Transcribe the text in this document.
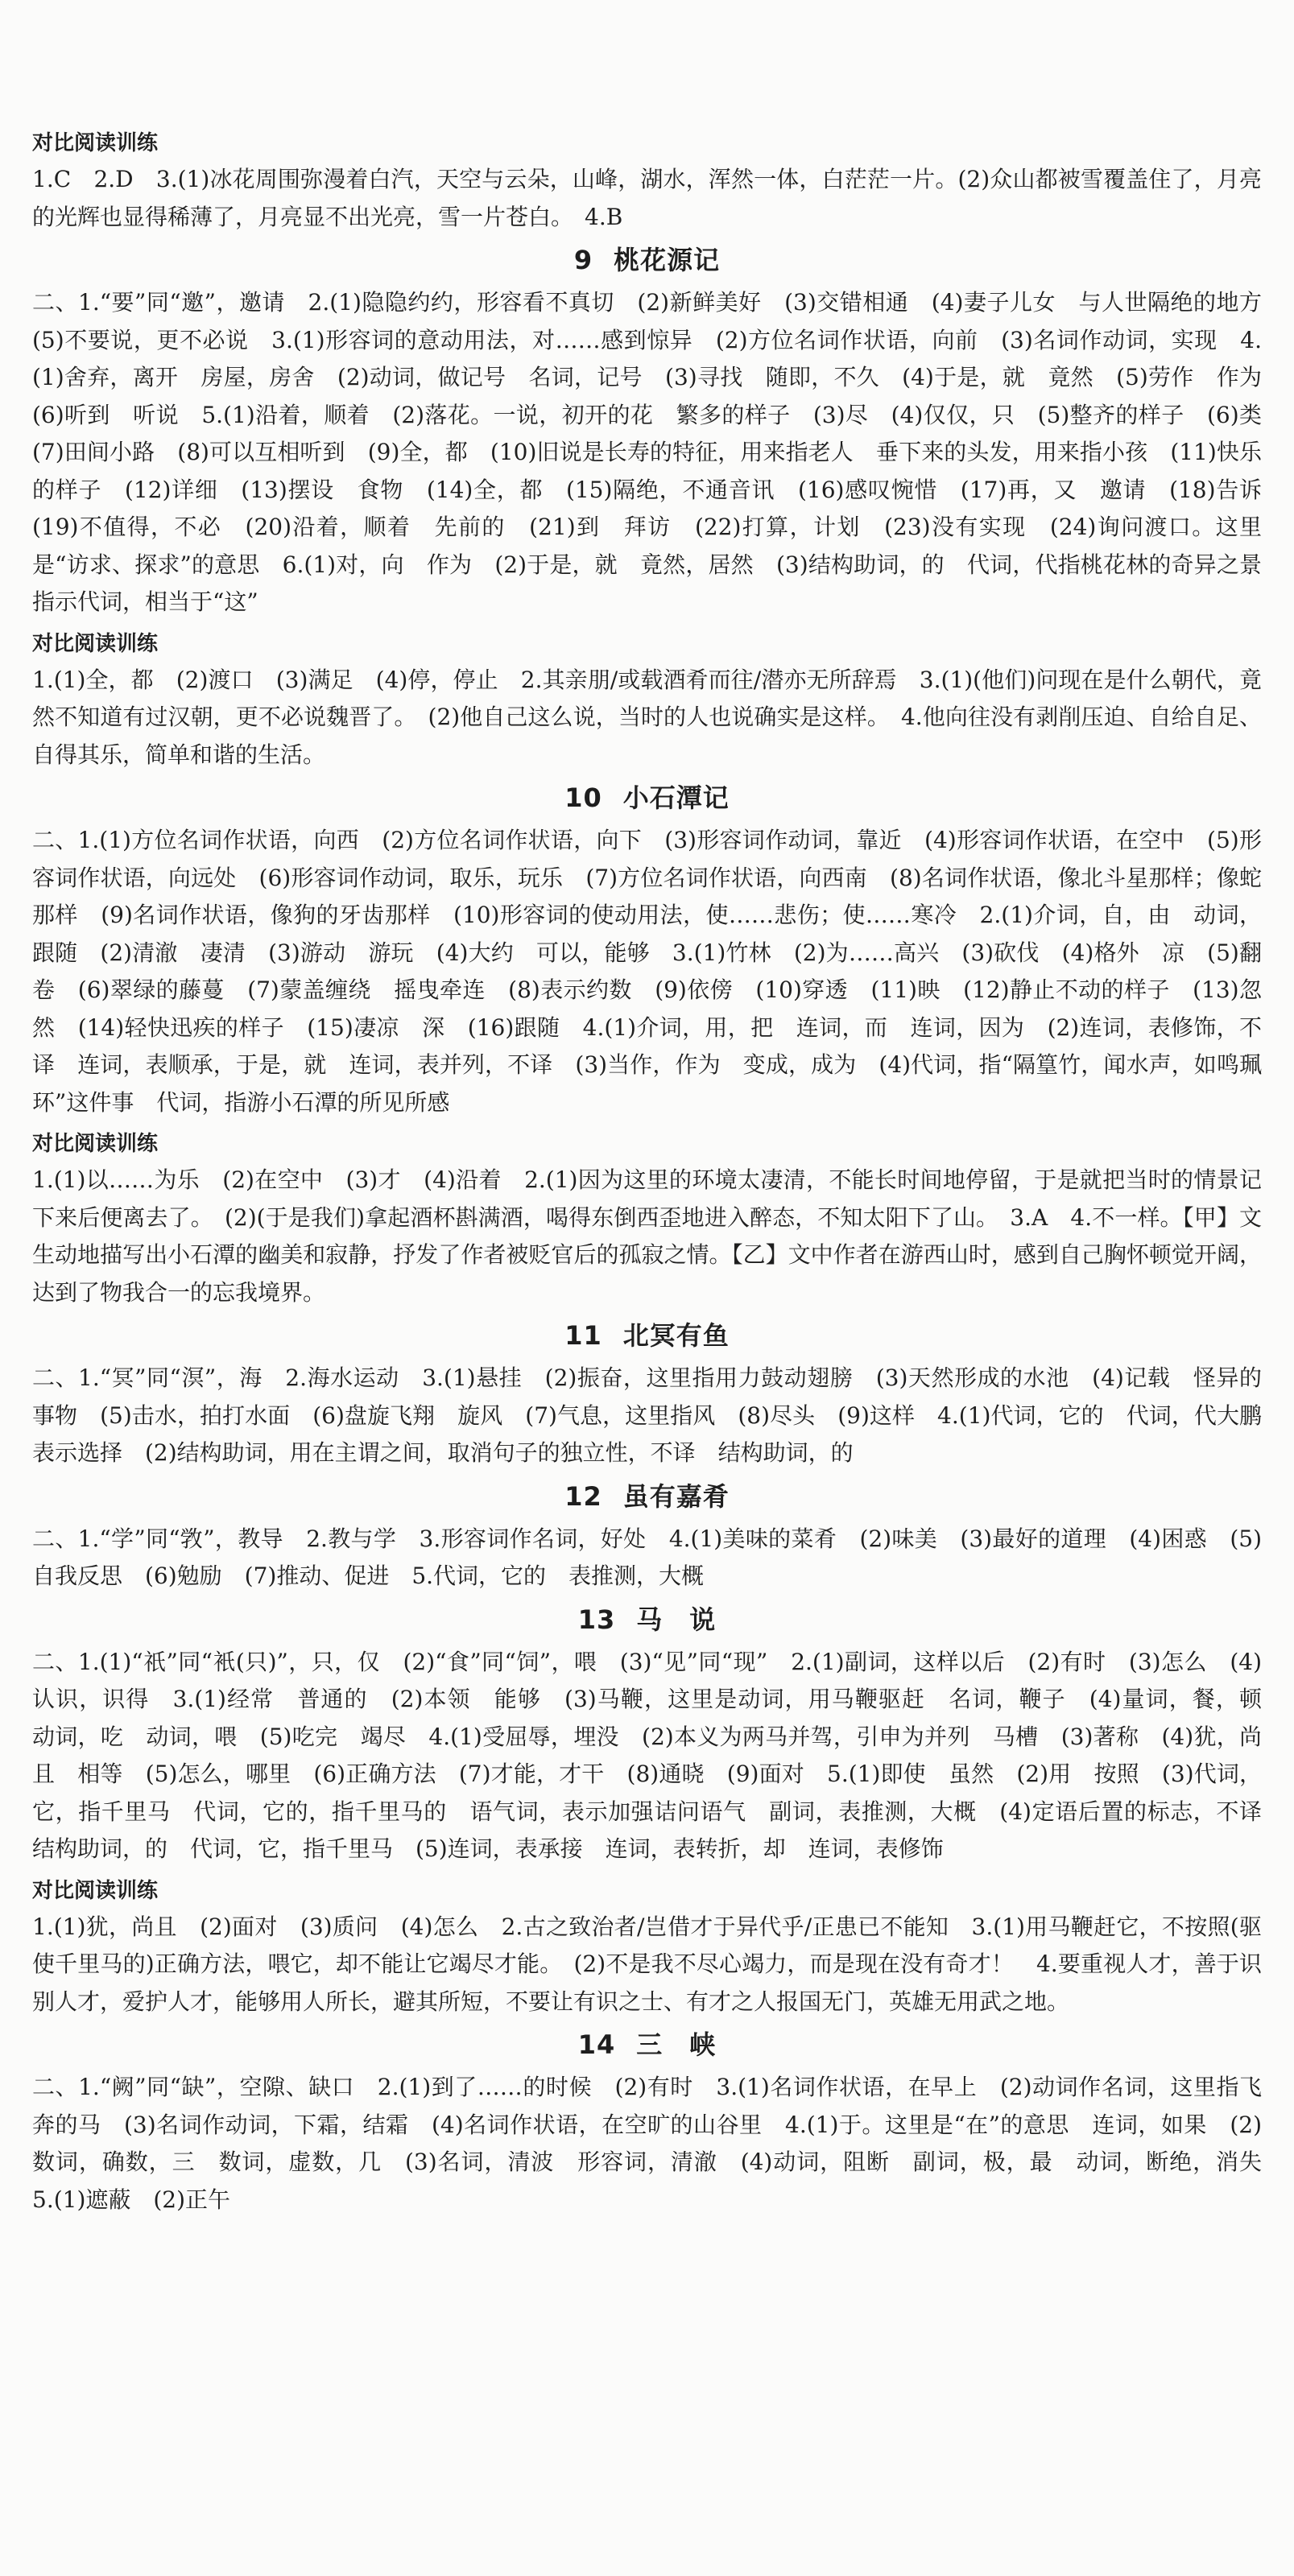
对比阅读训练

1.C　2.D　3.(1)冰花周围弥漫着白汽，天空与云朵，山峰，湖水，浑然一体，白茫茫一片。(2)众山都被雪覆盖住了，月亮的光辉也显得稀薄了，月亮显不出光亮，雪一片苍白。　4.B

9 桃花源记

二、1.“要”同“邀”，邀请　2.(1)隐隐约约，形容看不真切　(2)新鲜美好　(3)交错相通　(4)妻子儿女　与人世隔绝的地方　(5)不要说，更不必说　3.(1)形容词的意动用法，对……感到惊异　(2)方位名词作状语，向前　(3)名词作动词，实现　4.(1)舍弃，离开　房屋，房舍　(2)动词，做记号　名词，记号　(3)寻找　随即，不久　(4)于是，就　竟然　(5)劳作　作为　(6)听到　听说　5.(1)沿着，顺着　(2)落花。一说，初开的花　繁多的样子　(3)尽　(4)仅仅，只　(5)整齐的样子　(6)类　(7)田间小路　(8)可以互相听到　(9)全，都　(10)旧说是长寿的特征，用来指老人　垂下来的头发，用来指小孩　(11)快乐的样子　(12)详细　(13)摆设　食物　(14)全，都　(15)隔绝，不通音讯　(16)感叹惋惜　(17)再，又　邀请　(18)告诉　(19)不值得，不必　(20)沿着，顺着　先前的　(21)到　拜访　(22)打算，计划　(23)没有实现　(24)询问渡口。这里是“访求、探求”的意思　6.(1)对，向　作为　(2)于是，就　竟然，居然　(3)结构助词，的　代词，代指桃花林的奇异之景　指示代词，相当于“这”

对比阅读训练

1.(1)全，都　(2)渡口　(3)满足　(4)停，停止　2.其亲朋/或载酒肴而往/潜亦无所辞焉　3.(1)(他们)问现在是什么朝代，竟然不知道有过汉朝，更不必说魏晋了。　(2)他自己这么说，当时的人也说确实是这样。　4.他向往没有剥削压迫、自给自足、自得其乐，简单和谐的生活。

10 小石潭记

二、1.(1)方位名词作状语，向西　(2)方位名词作状语，向下　(3)形容词作动词，靠近　(4)形容词作状语，在空中　(5)形容词作状语，向远处　(6)形容词作动词，取乐，玩乐　(7)方位名词作状语，向西南　(8)名词作状语，像北斗星那样；像蛇那样　(9)名词作状语，像狗的牙齿那样　(10)形容词的使动用法，使……悲伤；使……寒冷　2.(1)介词，自，由　动词，跟随　(2)清澈　凄清　(3)游动　游玩　(4)大约　可以，能够　3.(1)竹林　(2)为……高兴　(3)砍伐　(4)格外　凉　(5)翻卷　(6)翠绿的藤蔓　(7)蒙盖缠绕　摇曳牵连　(8)表示约数　(9)依傍　(10)穿透　(11)映　(12)静止不动的样子　(13)忽然　(14)轻快迅疾的样子　(15)凄凉　深　(16)跟随　4.(1)介词，用，把　连词，而　连词，因为　(2)连词，表修饰，不译　连词，表顺承，于是，就　连词，表并列，不译　(3)当作，作为　变成，成为　(4)代词，指“隔篁竹，闻水声，如鸣珮环”这件事　代词，指游小石潭的所见所感

对比阅读训练

1.(1)以……为乐　(2)在空中　(3)才　(4)沿着　2.(1)因为这里的环境太凄清，不能长时间地停留，于是就把当时的情景记下来后便离去了。　(2)(于是我们)拿起酒杯斟满酒，喝得东倒西歪地进入醉态，不知太阳下了山。　3.A　4.不一样。【甲】文生动地描写出小石潭的幽美和寂静，抒发了作者被贬官后的孤寂之情。【乙】文中作者在游西山时，感到自己胸怀顿觉开阔，达到了物我合一的忘我境界。

11 北冥有鱼

二、1.“冥”同“溟”，海　2.海水运动　3.(1)悬挂　(2)振奋，这里指用力鼓动翅膀　(3)天然形成的水池　(4)记载　怪异的事物　(5)击水，拍打水面　(6)盘旋飞翔　旋风　(7)气息，这里指风　(8)尽头　(9)这样　4.(1)代词，它的　代词，代大鹏　表示选择　(2)结构助词，用在主谓之间，取消句子的独立性，不译　结构助词，的

12 虽有嘉肴

二、1.“学”同“敩”，教导　2.教与学　3.形容词作名词，好处　4.(1)美味的菜肴　(2)味美　(3)最好的道理　(4)困惑　(5)自我反思　(6)勉励　(7)推动、促进　5.代词，它的　表推测，大概

13 马　说

二、1.(1)“祇”同“衹(只)”，只，仅　(2)“食”同“饲”，喂　(3)“见”同“现”　2.(1)副词，这样以后　(2)有时　(3)怎么　(4)认识，识得　3.(1)经常　普通的　(2)本领　能够　(3)马鞭，这里是动词，用马鞭驱赶　名词，鞭子　(4)量词，餐，顿　动词，吃　动词，喂　(5)吃完　竭尽　4.(1)受屈辱，埋没　(2)本义为两马并驾，引申为并列　马槽　(3)著称　(4)犹，尚且　相等　(5)怎么，哪里　(6)正确方法　(7)才能，才干　(8)通晓　(9)面对　5.(1)即使　虽然　(2)用　按照　(3)代词，它，指千里马　代词，它的，指千里马的　语气词，表示加强诘问语气　副词，表推测，大概　(4)定语后置的标志，不译　结构助词，的　代词，它，指千里马　(5)连词，表承接　连词，表转折，却　连词，表修饰

对比阅读训练

1.(1)犹，尚且　(2)面对　(3)质问　(4)怎么　2.古之致治者/岂借才于异代乎/正患已不能知　3.(1)用马鞭赶它，不按照(驱使千里马的)正确方法，喂它，却不能让它竭尽才能。　(2)不是我不尽心竭力，而是现在没有奇才！　4.要重视人才，善于识别人才，爱护人才，能够用人所长，避其所短，不要让有识之士、有才之人报国无门，英雄无用武之地。

14 三　峡

二、1.“阙”同“缺”，空隙、缺口　2.(1)到了……的时候　(2)有时　3.(1)名词作状语，在早上　(2)动词作名词，这里指飞奔的马　(3)名词作动词，下霜，结霜　(4)名词作状语，在空旷的山谷里　4.(1)于。这里是“在”的意思　连词，如果　(2)数词，确数，三　数词，虚数，几　(3)名词，清波　形容词，清澈　(4)动词，阻断　副词，极，最　动词，断绝，消失　5.(1)遮蔽　(2)正午
